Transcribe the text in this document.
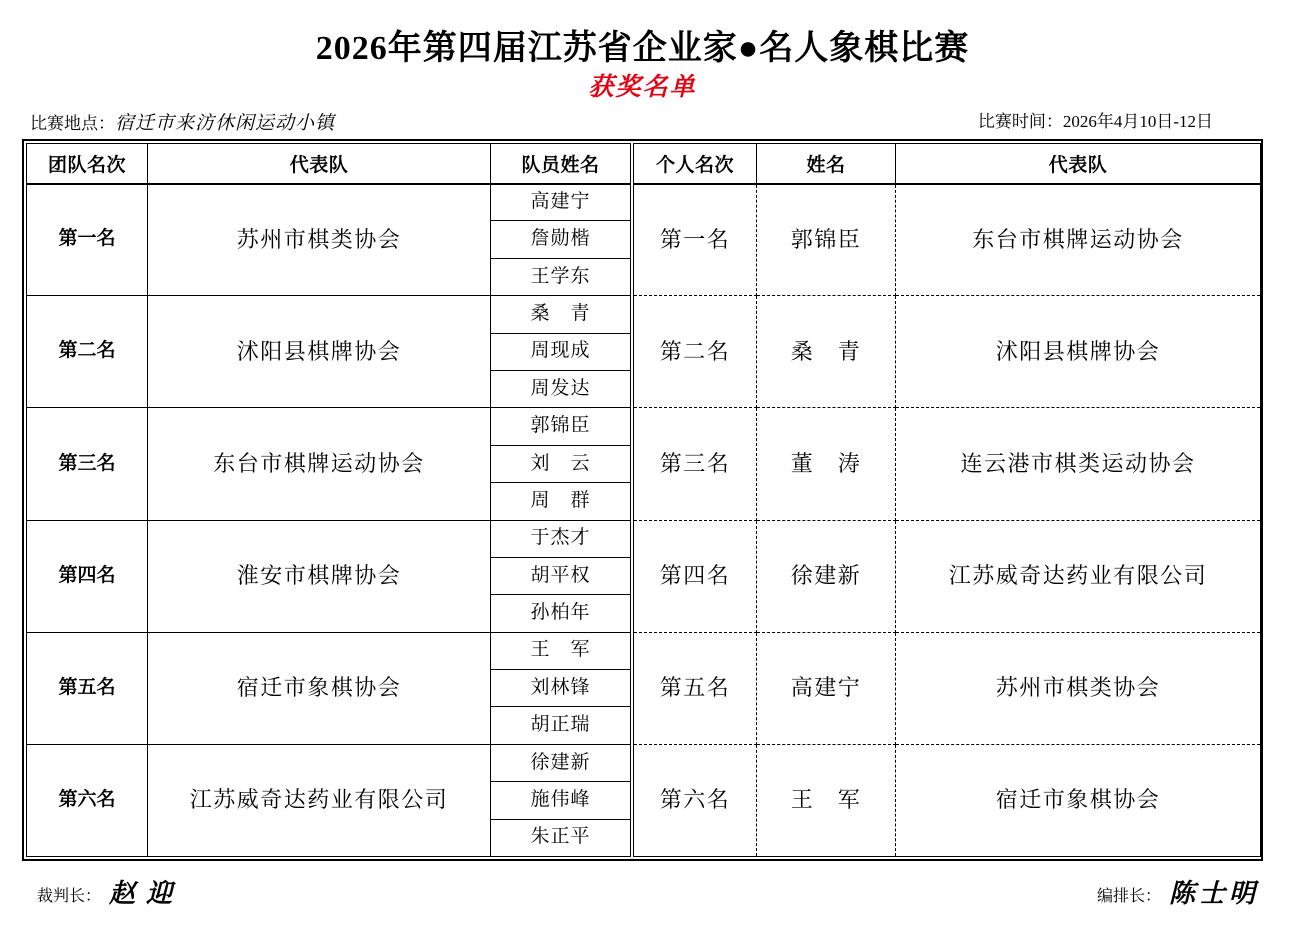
2026年第四届江苏省企业家●名人象棋比赛
获奖名单
比赛地点：宿迁市来汸休闲运动小镇	比赛时间：2026年4月10日-12日
团队名次	代表队	队员姓名
第一名	苏州市棋类协会	高建宁
		詹勋楷
		王学东
第二名	沭阳县棋牌协会	桑　青
		周现成
		周发达
第三名	东台市棋牌运动协会	郭锦臣
		刘　云
		周　群
第四名	淮安市棋牌协会	于杰才
		胡平权
		孙柏年
第五名	宿迁市象棋协会	王　军
		刘林锋
		胡正瑞
第六名	江苏威奇达药业有限公司	徐建新
		施伟峰
		朱正平
个人名次	姓名	代表队
第一名	郭锦臣	东台市棋牌运动协会
第二名	桑　青	沭阳县棋牌协会
第三名	董　涛	连云港市棋类运动协会
第四名	徐建新	江苏威奇达药业有限公司
第五名	高建宁	苏州市棋类协会
第六名	王　军	宿迁市象棋协会
裁判长： 赵迎	编排长： 陈士明
